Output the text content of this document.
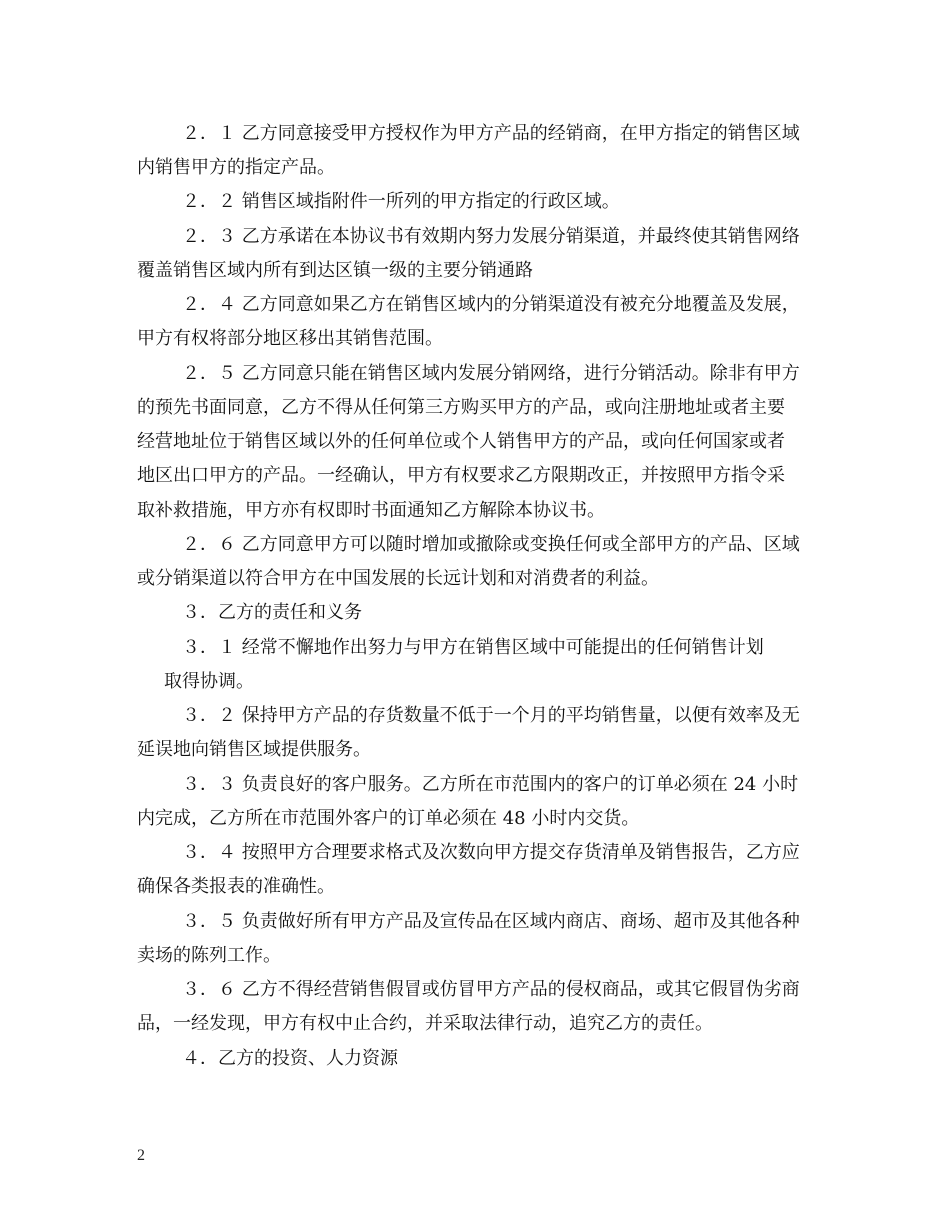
２．１ 乙方同意接受甲方授权作为甲方产品的经销商，在甲方指定的销售区域
内销售甲方的指定产品。
２．２ 销售区域指附件一所列的甲方指定的行政区域。
２．３ 乙方承诺在本协议书有效期内努力发展分销渠道，并最终使其销售网络
覆盖销售区域内所有到达区镇一级的主要分销通路
２．４ 乙方同意如果乙方在销售区域内的分销渠道没有被充分地覆盖及发展，
甲方有权将部分地区移出其销售范围。
２．５ 乙方同意只能在销售区域内发展分销网络，进行分销活动。除非有甲方
的预先书面同意，乙方不得从任何第三方购买甲方的产品，或向注册地址或者主要
经营地址位于销售区域以外的任何单位或个人销售甲方的产品，或向任何国家或者
地区出口甲方的产品。一经确认，甲方有权要求乙方限期改正，并按照甲方指令采
取补救措施，甲方亦有权即时书面通知乙方解除本协议书。
２．６ 乙方同意甲方可以随时增加或撤除或变换任何或全部甲方的产品、区域
或分销渠道以符合甲方在中国发展的长远计划和对消费者的利益。
３．乙方的责任和义务
３．１ 经常不懈地作出努力与甲方在销售区域中可能提出的任何销售计划
取得协调。
３．２ 保持甲方产品的存货数量不低于一个月的平均销售量，以便有效率及无
延误地向销售区域提供服务。
３．３ 负责良好的客户服务。乙方所在市范围内的客户的订单必须在 24 小时
内完成，乙方所在市范围外客户的订单必须在 48 小时内交货。
３．４ 按照甲方合理要求格式及次数向甲方提交存货清单及销售报告，乙方应
确保各类报表的准确性。
３．５ 负责做好所有甲方产品及宣传品在区域内商店、商场、超市及其他各种
卖场的陈列工作。
３．６ 乙方不得经营销售假冒或仿冒甲方产品的侵权商品，或其它假冒伪劣商
品，一经发现，甲方有权中止合约，并采取法律行动，追究乙方的责任。
４．乙方的投资、人力资源
2
